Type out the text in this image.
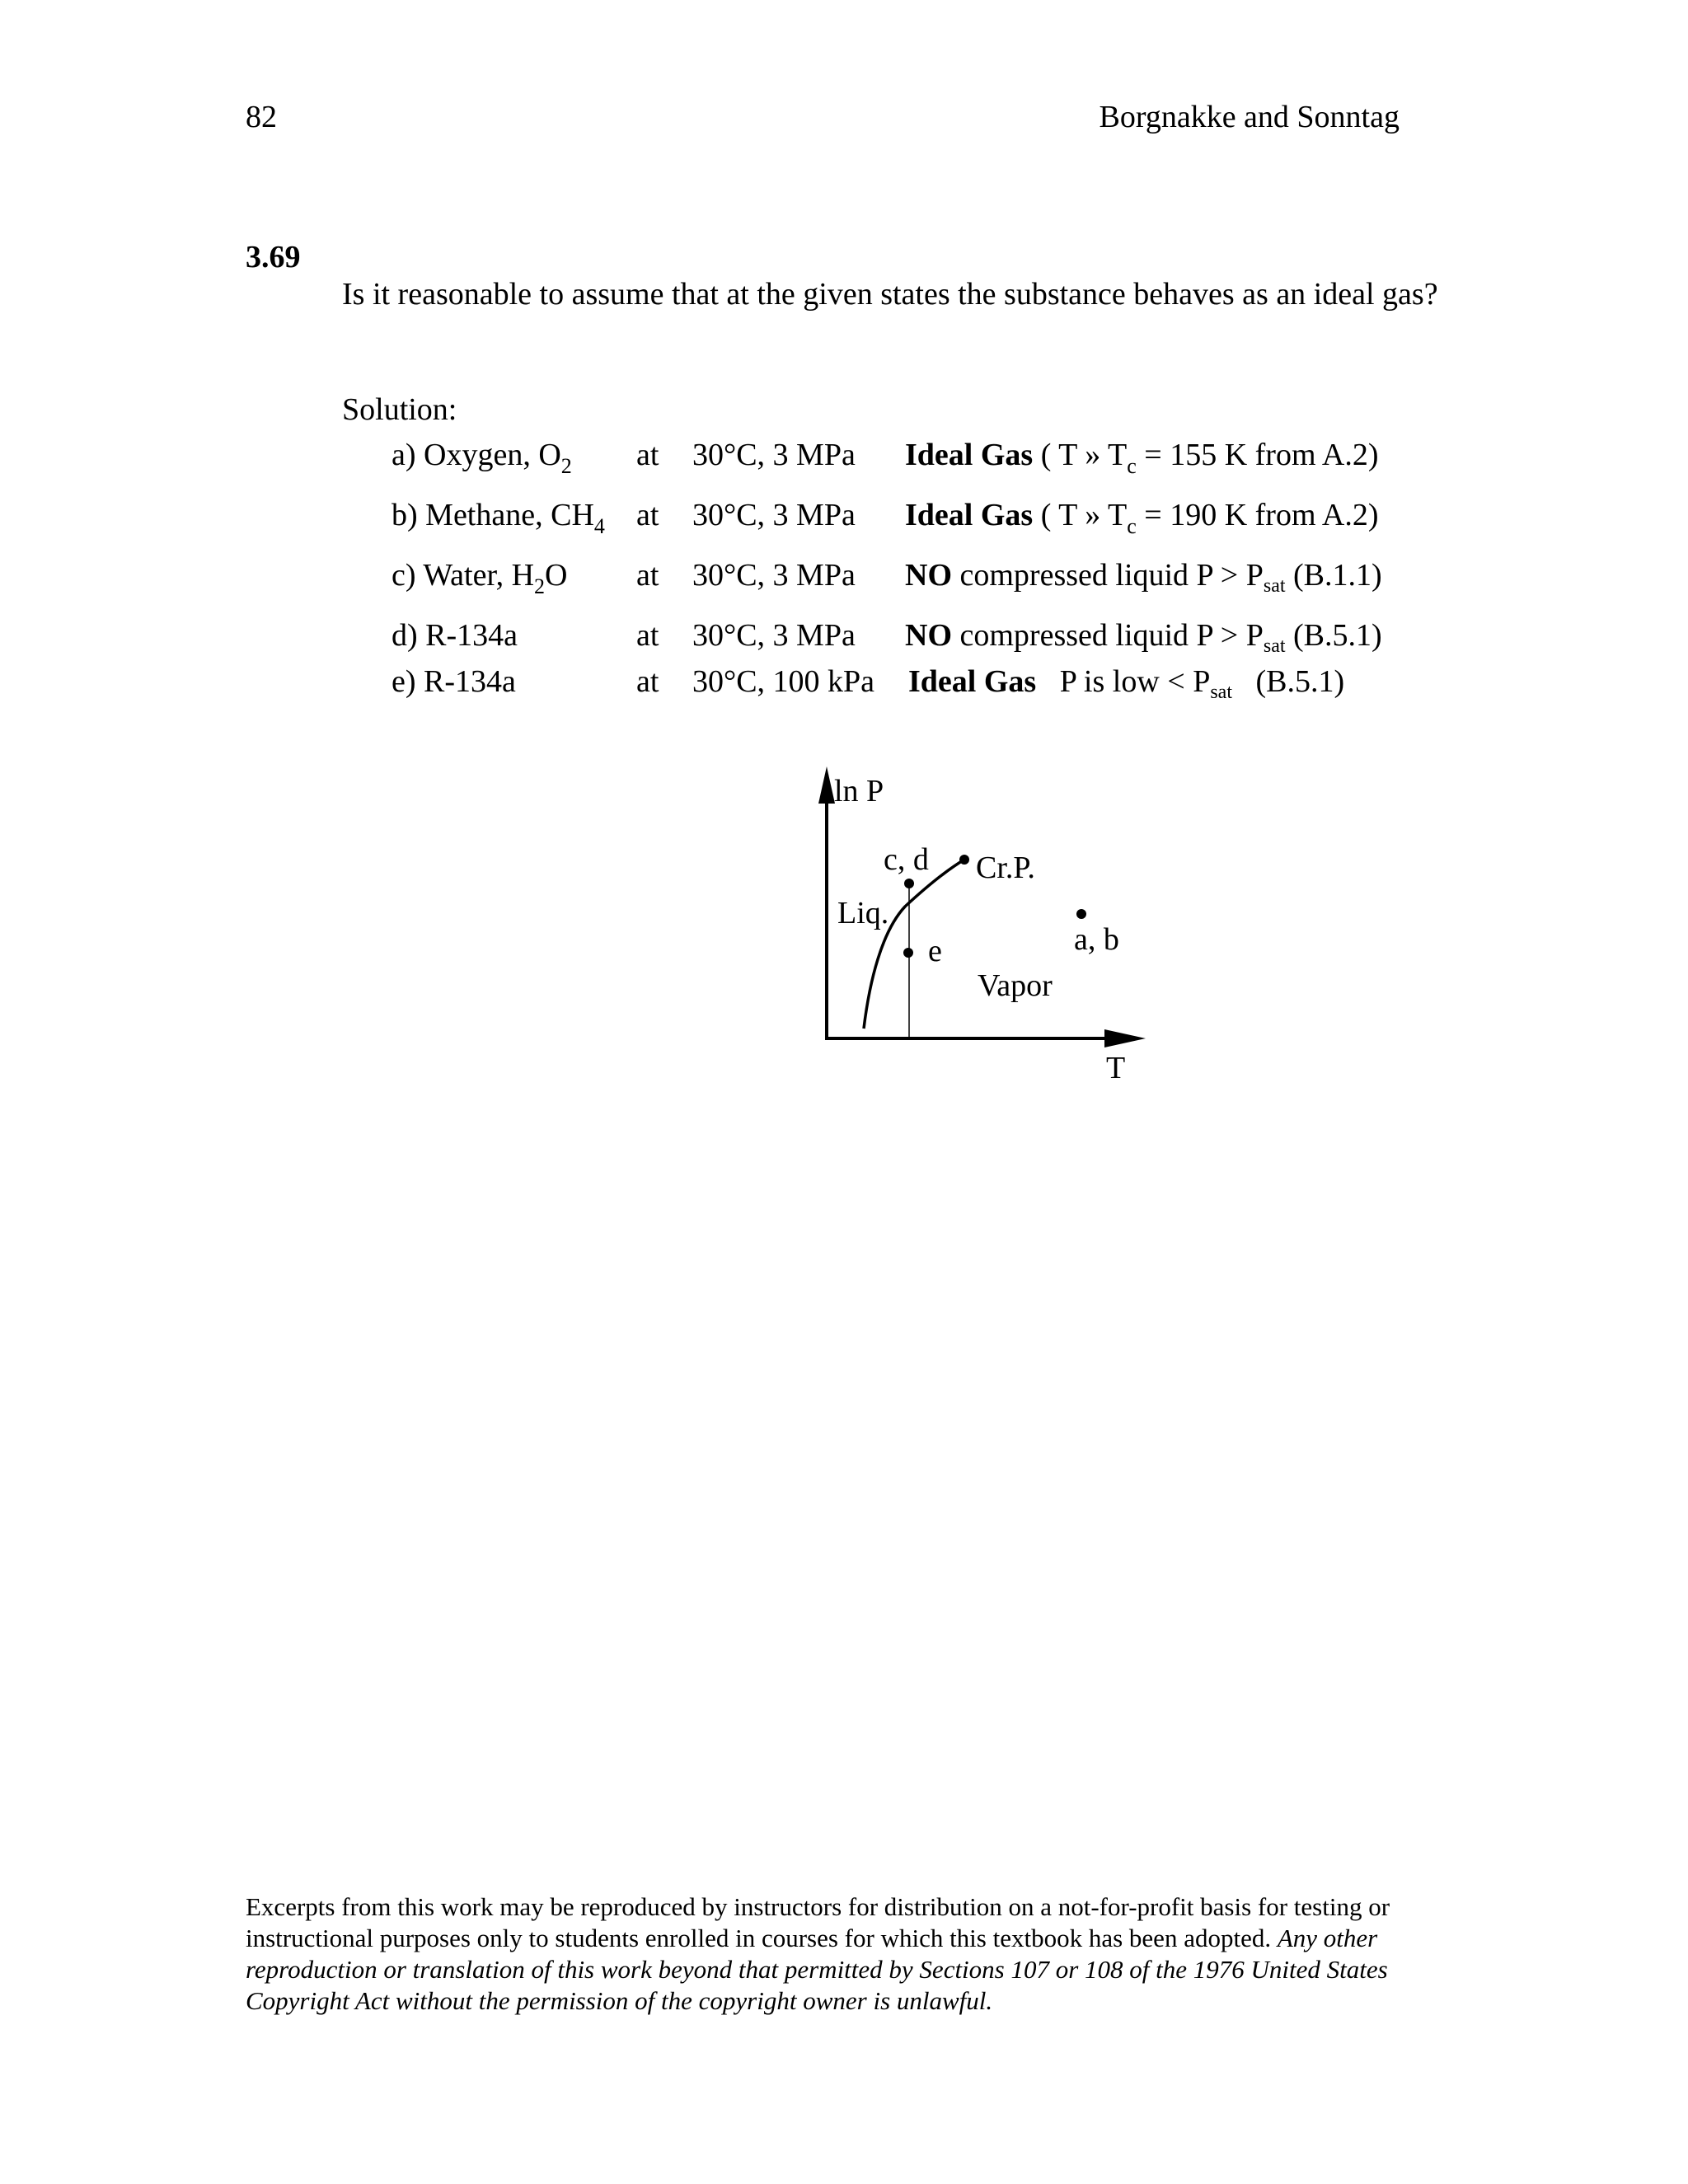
82	Borgnakke and Sonntag
3.69
Is it reasonable to assume that at the given states the substance behaves as an ideal gas?
Solution:
a) Oxygen, $O_2$ at 30°C, 3 MPa Ideal Gas ( T » $T_c = 155$ K from A.2)
b) Methane, $CH_4$ at 30°C, 3 MPa Ideal Gas ( T » $T_c = 190$ K from A.2)
c) Water, $H_2O$ at 30°C, 3 MPa NO compressed liquid $P > P_{sat}$ (B.1.1)
d) R-134a	at 30°C, 3 MPa NO compressed liquid $P > P_{sat}$ (B.5.1)
e) R-134a	at 30°C, 100 kPa Ideal Gas   P is low < $P_{sat}$   (B.5.1)
ln P
c, d Cr.P.
Liq.
e	a, b
Vapor
T
Excerpts from this work may be reproduced by instructors for distribution on a not-for-profit basis for testing or instructional purposes only to students enrolled in courses for which this textbook has been adopted. Any other reproduction or translation of this work beyond that permitted by Sections 107 or 108 of the 1976 United States Copyright Act without the permission of the copyright owner is unlawful.
